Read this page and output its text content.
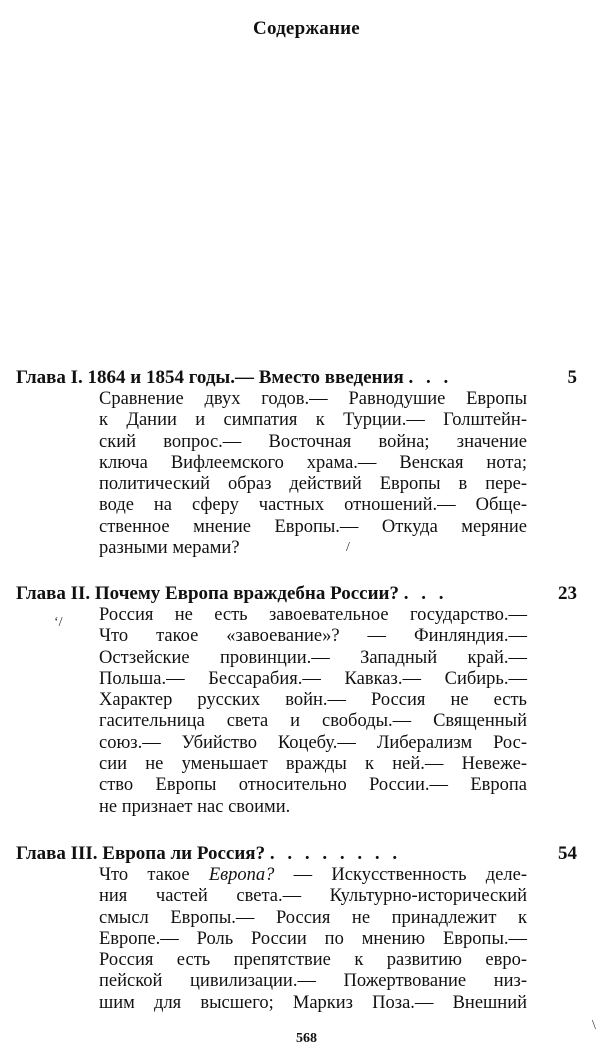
Содержание
Глава I. 1864 и 1854 годы.— Вместо введения . . .	5
Сравнение двух годов.— Равнодушие Европы
к Дании и симпатия к Турции.— Голштейн-
ский вопрос.— Восточная война; значение
ключа Вифлеемского храма.— Венская нота;
политический образ действий Европы в пере-
воде на сферу частных отношений.— Обще-
ственное мнение Европы.— Откуда меряние
разными мерами?
Глава II. Почему Европа враждебна России? . . .	23
Россия не есть завоевательное государство.—
Что такое «завоевание»? — Финляндия.—
Остзейские провинции.— Западный край.—
Польша.— Бессарабия.— Кавказ.— Сибирь.—
Характер русских войн.— Россия не есть
гасительница света и свободы.— Священный
союз.— Убийство Коцебу.— Либерализм Рос-
сии не уменьшает вражды к ней.— Невеже-
ство Европы относительно России.— Европа
не признает нас своими.
Глава III. Европа ли Россия? . . . . . . . .	54
Что такое Европа? — Искусственность деле-
ния частей света.— Культурно-исторический
смысл Европы.— Россия не принадлежит к
Европе.— Роль России по мнению Европы.—
Россия есть препятствие к развитию евро-
пейской цивилизации.— Пожертвование низ-
шим для высшего; Маркиз Поза.— Внешний
568
/
ʻ/
\
